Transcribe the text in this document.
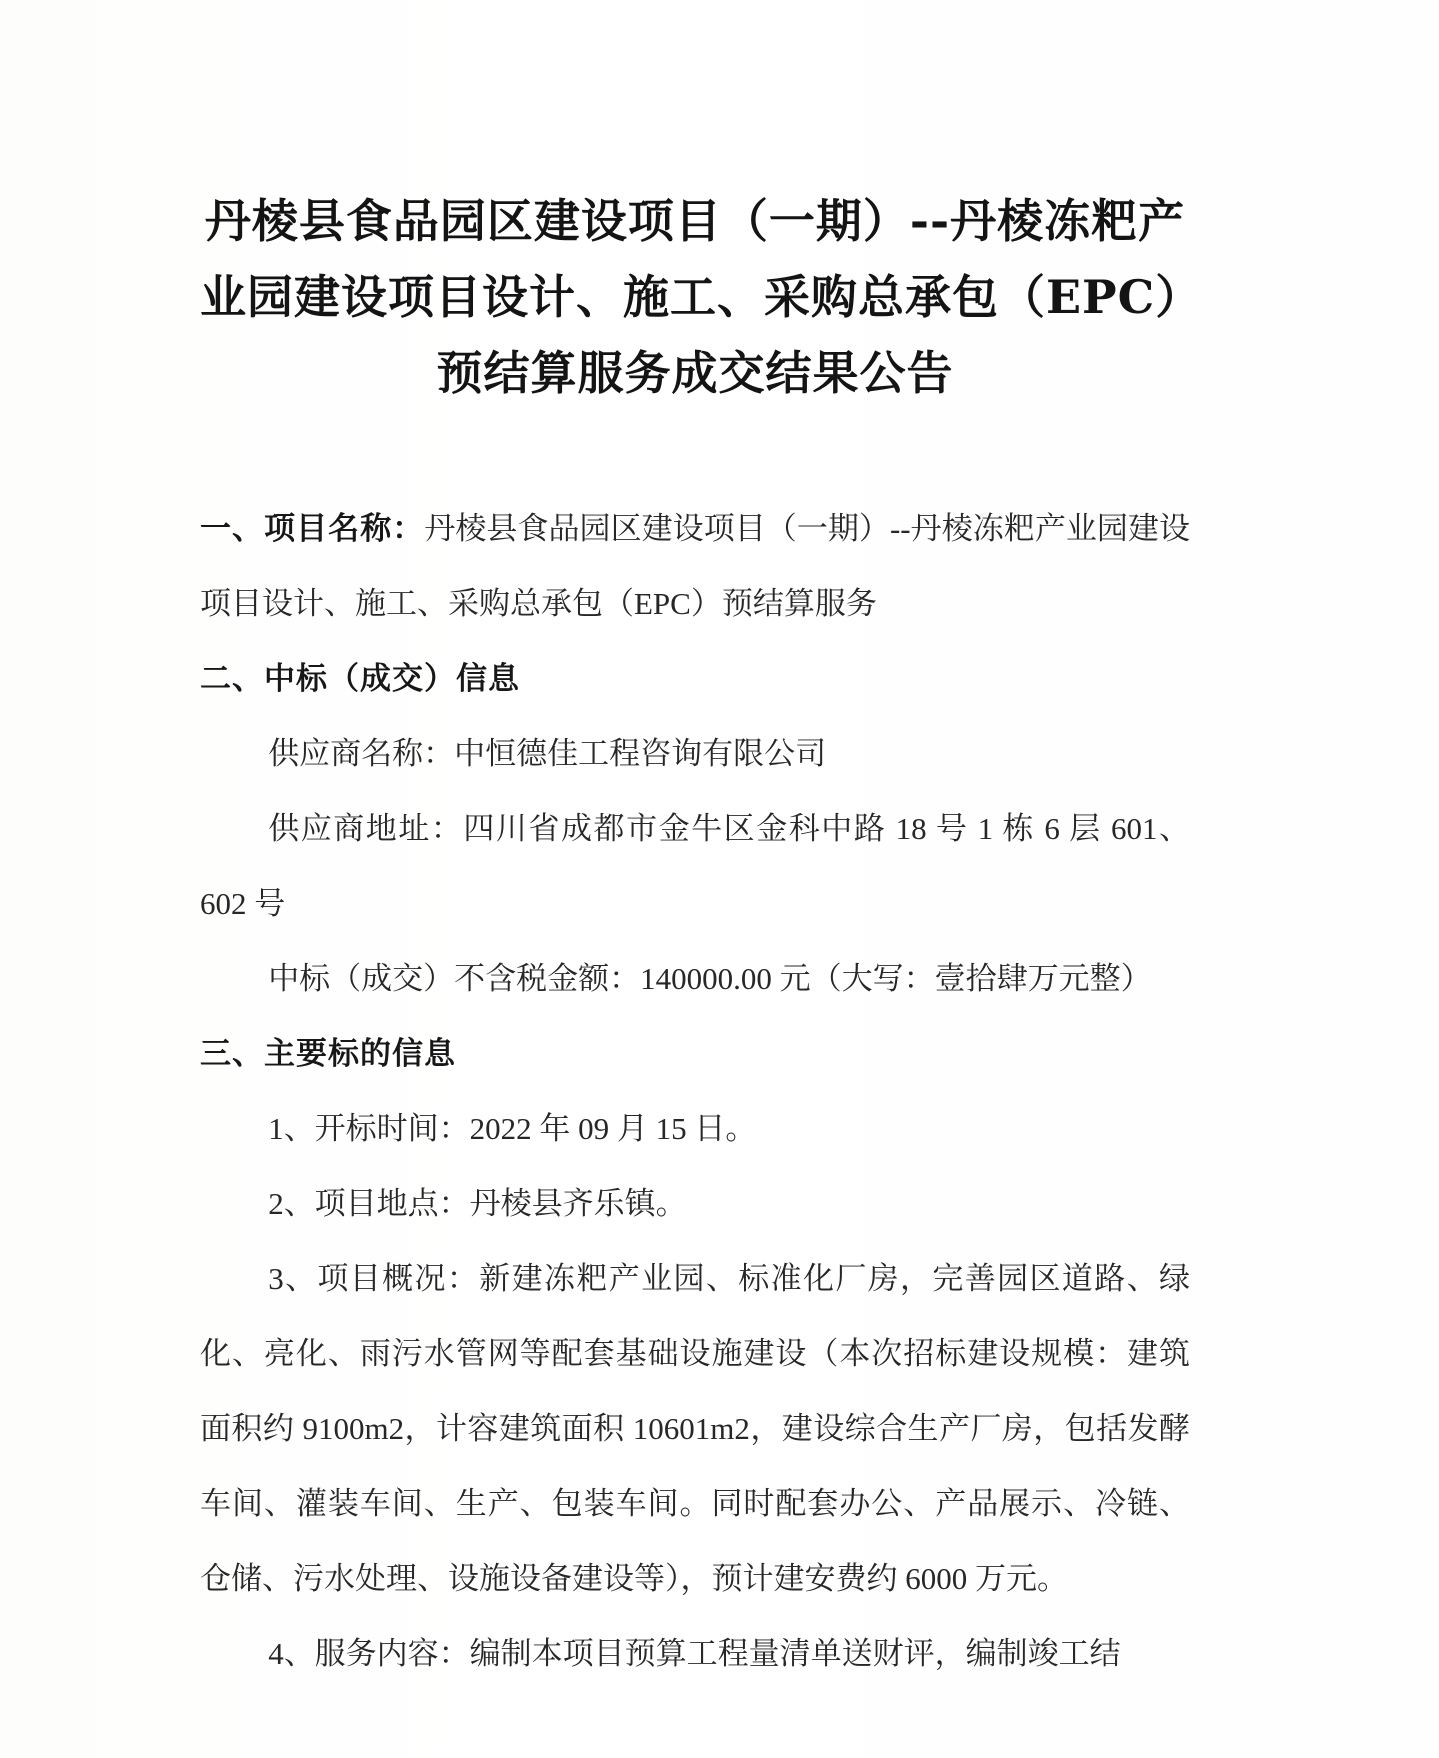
丹棱县食品园区建设项目（一期）--丹棱冻粑产
业园建设项目设计、施工、采购总承包（EPC）
预结算服务成交结果公告

一、项目名称：丹棱县食品园区建设项目（一期）--丹棱冻粑产业园建设项目设计、施工、采购总承包（EPC）预结算服务

二、中标（成交）信息

供应商名称：中恒德佳工程咨询有限公司

供应商地址：四川省成都市金牛区金科中路 18 号 1 栋 6 层 601、602 号

中标（成交）不含税金额：140000.00 元（大写：壹拾肆万元整）

三、主要标的信息

1、开标时间：2022 年 09 月 15 日。

2、项目地点：丹棱县齐乐镇。

3、项目概况：新建冻粑产业园、标准化厂房，完善园区道路、绿化、亮化、雨污水管网等配套基础设施建设（本次招标建设规模：建筑面积约 9100m2，计容建筑面积 10601m2，建设综合生产厂房，包括发酵车间、灌装车间、生产、包装车间。同时配套办公、产品展示、冷链、仓储、污水处理、设施设备建设等），预计建安费约 6000 万元。

4、服务内容：编制本项目预算工程量清单送财评，编制竣工结
